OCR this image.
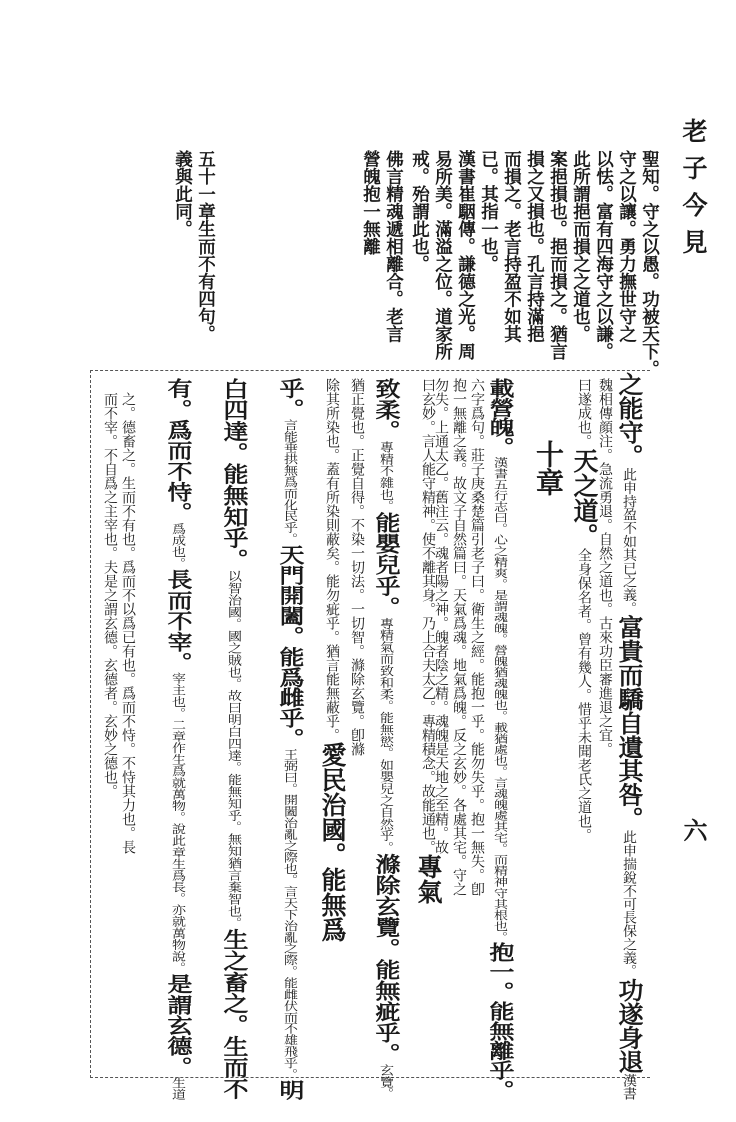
老子今見
六
聖知。守之以愚。功被天下。
守之以讓。勇力撫世守之
以怯。富有四海守之以謙。
此所謂挹而損之之道也。
案挹損也。挹而損之。猶言
損之又損也。孔言持滿挹
而損之。老言持盈不如其
已。其指一也。
漢書崔駰傳。謙德之光。周
易所美。滿溢之位。道家所
戒。殆謂此也。
佛言精魂遞相離合。老言
營魄抱一無離
五十一章生而不有四句。
義與此同。
之能守。此申持盈不如其已之義。富貴而驕自遺其咎。此申揣銳不可長保之義。功遂身退漢書
魏相傳顔注。急流勇退。自然之道也。古來功臣審進退之宜。
曰遂成也。天之道。全身保名者。曾有幾人。惜乎未聞老氏之道也。
十章
載營魄。漢書五行志曰。心之精爽。是謂魂魄。營魄猶魂魄也。載猶處也。言魂魄處其宅。而精神守其根也。抱一。能無離乎。
六字爲句。莊子庚桑楚篇引老子曰。衛生之經。能抱一乎。能勿失乎。抱一無失。卽
抱一無離之義。故文子自然篇曰。天氣爲魂。地氣爲魄。反之玄妙。各處其宅。守之
勿失。上通太乙。舊注云。魂者陽之神。魄者陰之精。魂魄是天地之至精。故
曰玄妙。言人能守精神。使不離其身。乃上合夫太乙。專精積念。故能通也。專氣
致柔。專精不雜也。能嬰兒乎。專精氣而致和柔。能無慾。如嬰兒之自然乎。滌除玄覽。能無疵乎。玄覽。
猶正覺也。正覺自得。不染一切法。一切智。滌除玄覽。卽滌
除其所染也。蓋有所染則蔽矣。能勿疵乎。猶言能無蔽乎。愛民治國。能無爲
乎。言能垂拱無爲而化民乎。天門開闔。能爲雌乎。王弼曰。開闔治亂之際也。言天下治亂之際。能雌伏而不雄飛乎。明
白四達。能無知乎。以智治國。國之賊也。故曰明白四達。能無知乎。無知猶言棄智也。生之畜之。生而不
有。爲而不恃。爲成也。長而不宰。宰主也。二章作生爲就萬物。說此章生爲長。亦就萬物說。是謂玄德。生道
之。德畜之。生而不有也。爲而不以爲已有也。爲而不恃。不恃其力也。長
而不宰。不自爲之主宰也。夫是之謂玄德。玄德者。玄妙之德也。
